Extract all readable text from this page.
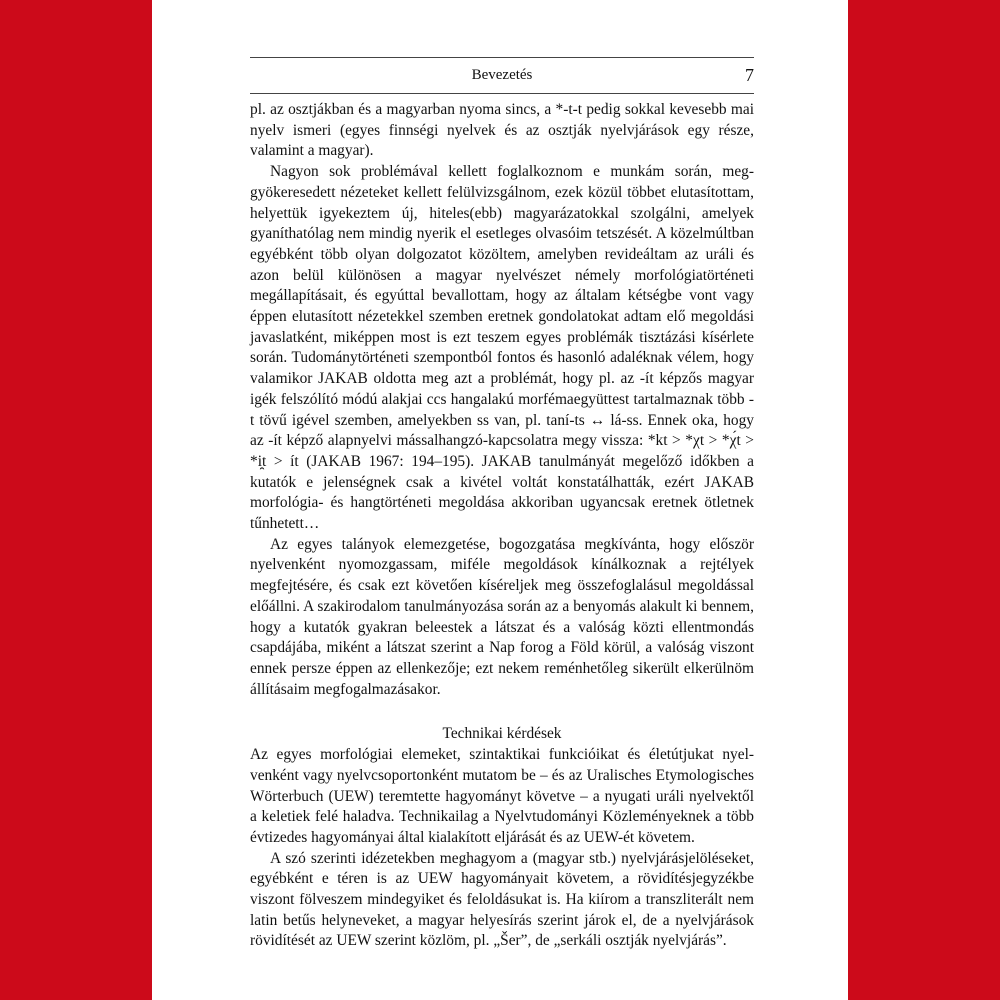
Bevezetés	7

pl. az osztjákban és a magyarban nyoma sincs, a *-t-t pedig sokkal kevesebb mai nyelv ismeri (egyes finnségi nyelvek és az osztják nyelvjárások egy része, valamint a magyar).

Nagyon sok problémával kellett foglalkoznom e munkám során, meggyökeresedett nézeteket kellett felülvizsgálnom, ezek közül többet elutasítottam, helyettük igyekeztem új, hiteles(ebb) magyarázatokkal szolgálni, amelyek gyaníthatólag nem mindig nyerik el esetleges olvasóim tetszését. A közelmúltban egyébként több olyan dolgozatot közöltem, amelyben revideáltam az uráli és azon belül különösen a magyar nyelvészet némely morfológiatörténeti megállapításait, és egyúttal bevallottam, hogy az általam kétségbe vont vagy éppen elutasított nézetekkel szemben eretnek gondolatokat adtam elő megoldási javaslatként, miképpen most is ezt teszem egyes problémák tisztázási kísérlete során. Tudománytörténeti szempontból fontos és hasonló adaléknak vélem, hogy valamikor JAKAB oldotta meg azt a problémát, hogy pl. az -ít képzős magyar igék felszólító módú alakjai ccs hangalakú morfémaegyüttest tartalmaznak több -t tövű igével szemben, amelyekben ss van, pl. taní-ts ↔ lá-ss. Ennek oka, hogy az -ít képző alapnyelvi mássalhangzó-kapcsolatra megy vissza: *kt > *χt > *χ́t > *i̯t > ít (JAKAB 1967: 194–195). JAKAB tanulmányát megelőző időkben a kutatók e jelenségnek csak a kivétel voltát konstatálhatták, ezért JAKAB morfológia- és hangtörténeti megoldása akkoriban ugyancsak eretnek ötletnek tűnhetett…

Az egyes talányok elemezgetése, bogozgatása megkívánta, hogy először nyelvenként nyomozgassam, miféle megoldások kínálkoznak a rejtélyek megfejtésére, és csak ezt követően kíséreljek meg összefoglalásul megoldással előállni. A szakirodalom tanulmányozása során az a benyomás alakult ki bennem, hogy a kutatók gyakran beleestek a látszat és a valóság közti ellentmondás csapdájába, miként a látszat szerint a Nap forog a Föld körül, a valóság viszont ennek persze éppen az ellenkezője; ezt nekem reménhetőleg sikerült elkerülnöm állításaim megfogalmazásakor.

Technikai kérdések

Az egyes morfológiai elemeket, szintaktikai funkcióikat és életútjukat nyelvenként vagy nyelvcsoportonként mutatom be – és az Uralisches Etymologisches Wörterbuch (UEW) teremtette hagyományt követve – a nyugati uráli nyelvektől a keletiek felé haladva. Technikailag a Nyelvtudományi Közleményeknek a több évtizedes hagyományai által kialakított eljárását és az UEW-ét követem.

A szó szerinti idézetekben meghagyom a (magyar stb.) nyelvjárásjelöléseket, egyébként e téren is az UEW hagyományait követem, a rövidítésjegyzékbe viszont fölveszem mindegyiket és feloldásukat is. Ha kiírom a transzliterált nem latin betűs helyneveket, a magyar helyesírás szerint járok el, de a nyelvjárások rövidítését az UEW szerint közlöm, pl. „Šer”, de „serkáli osztják nyelvjárás”.
